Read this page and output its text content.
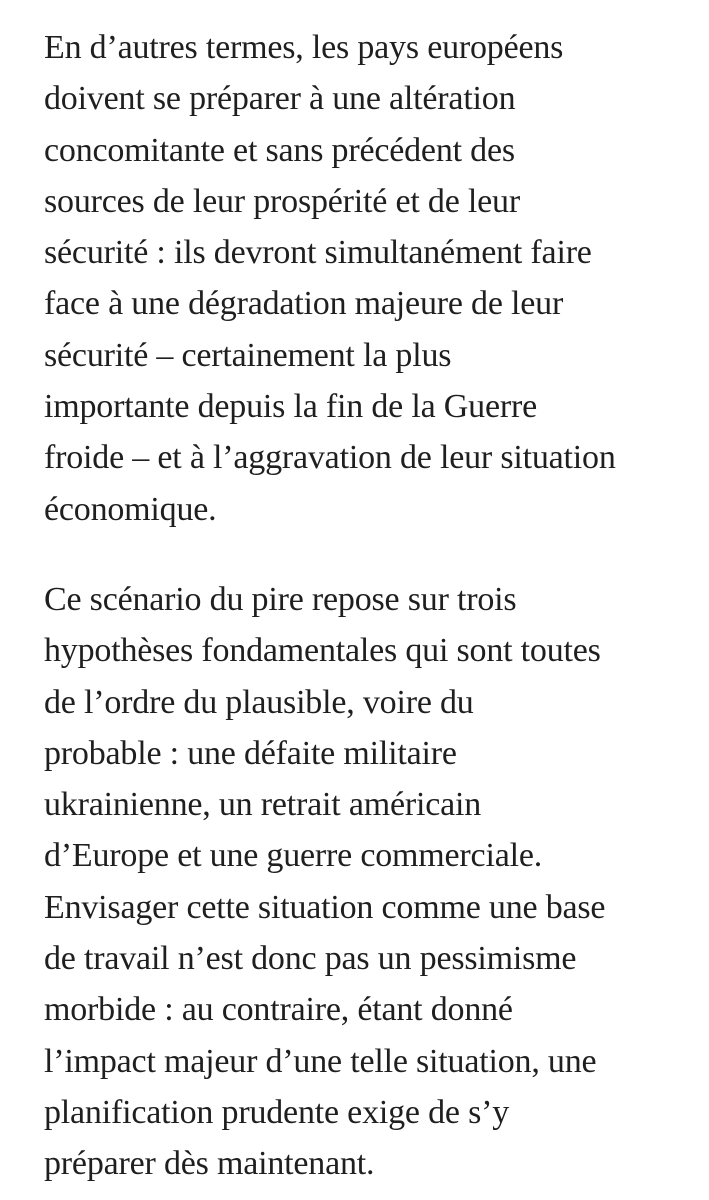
En d’autres termes, les pays européens
doivent se préparer à une altération
concomitante et sans précédent des
sources de leur prospérité et de leur
sécurité : ils devront simultanément faire
face à une dégradation majeure de leur
sécurité – certainement la plus
importante depuis la fin de la Guerre
froide – et à l’aggravation de leur situation
économique.

Ce scénario du pire repose sur trois
hypothèses fondamentales qui sont toutes
de l’ordre du plausible, voire du
probable : une défaite militaire
ukrainienne, un retrait américain
d’Europe et une guerre commerciale.
Envisager cette situation comme une base
de travail n’est donc pas un pessimisme
morbide : au contraire, étant donné
l’impact majeur d’une telle situation, une
planification prudente exige de s’y
préparer dès maintenant.
